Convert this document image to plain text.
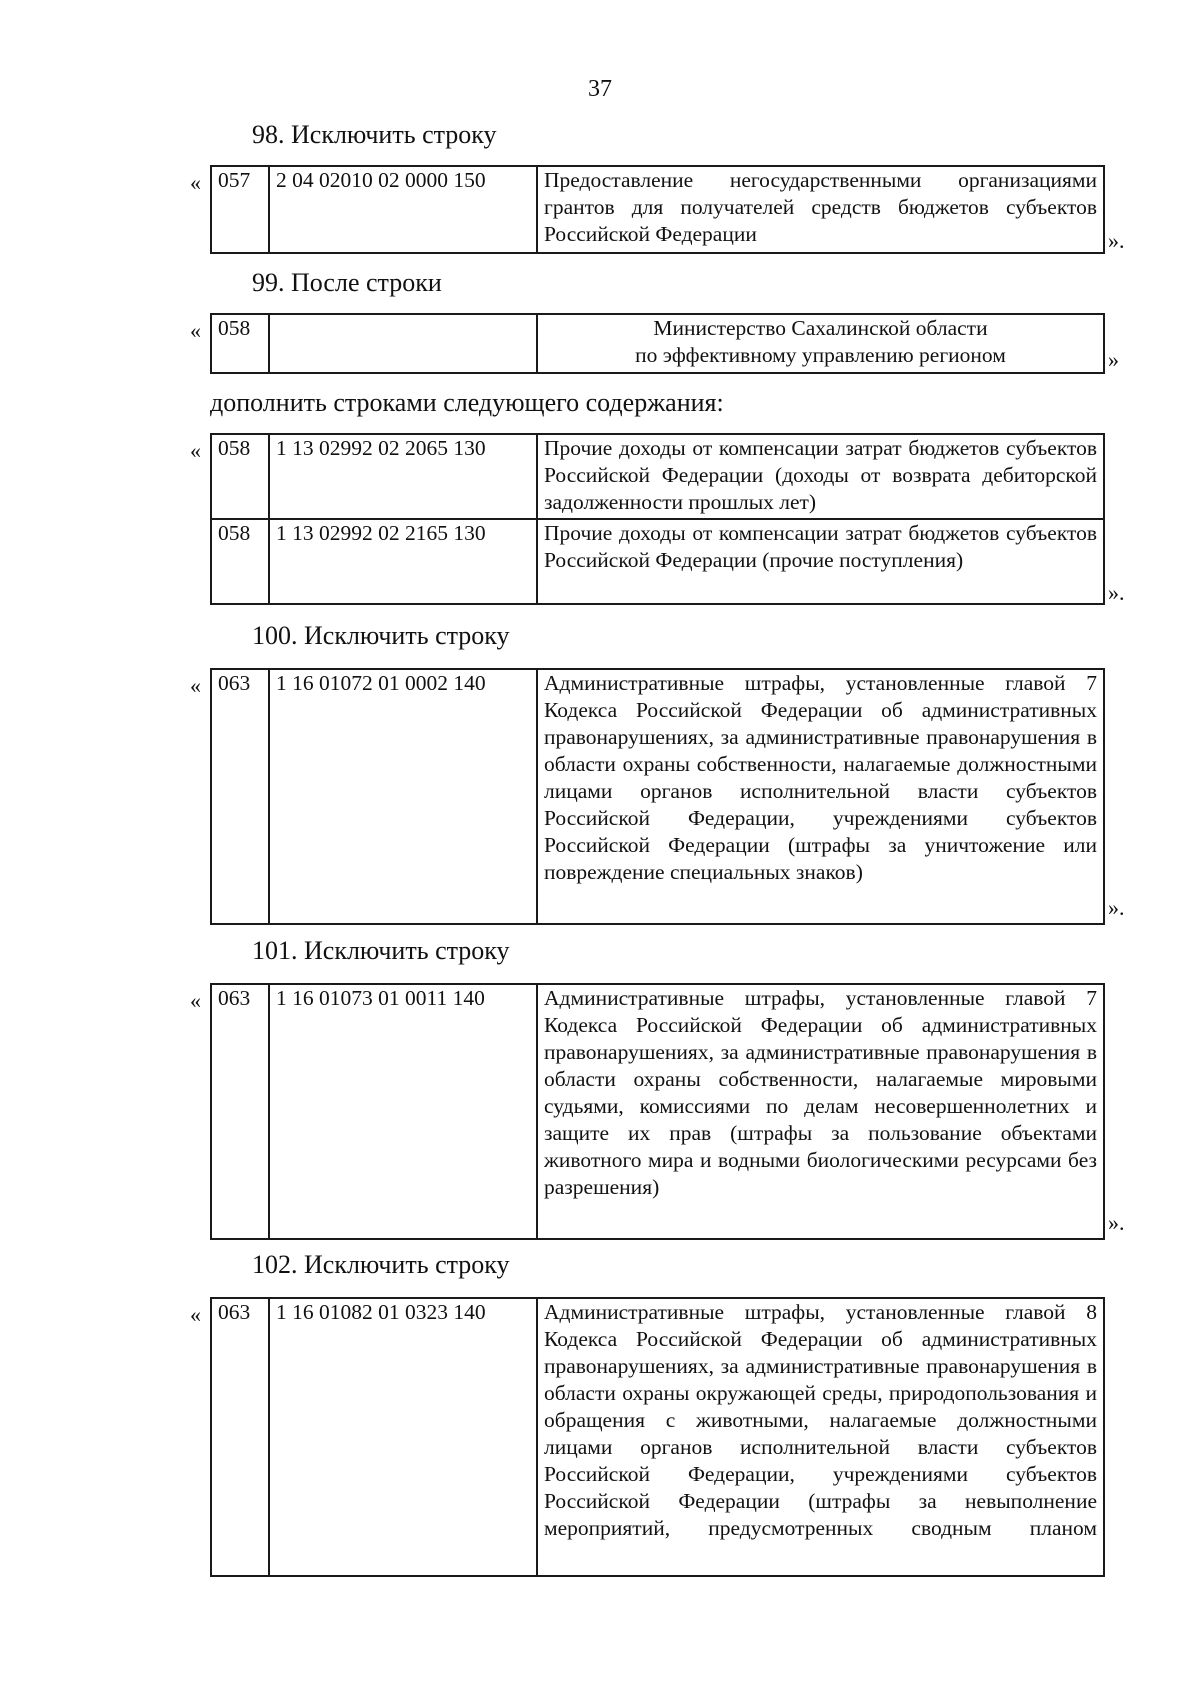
37
98. Исключить строку
« 057	2 04 02010 02 0000 150	Предоставление негосударственными организациями грантов для получателей средств бюджетов субъектов Российской Федерации	».
99. После строки
« 058		Министерство Сахалинской области
по эффективному управлению регионом	»
дополнить строками следующего содержания:
« 058	1 13 02992 02 2065 130	Прочие доходы от компенсации затрат бюджетов субъектов Российской Федерации (доходы от возврата дебиторской задолженности прошлых лет)
058	1 13 02992 02 2165 130	Прочие доходы от компенсации затрат бюджетов субъектов Российской Федерации (прочие поступления)
».
100. Исключить строку
« 063	1 16 01072 01 0002 140	Административные штрафы, установленные главой 7 Кодекса Российской Федерации об административных правонарушениях, за административные правонарушения в области охраны собственности, налагаемые должностными лицами органов исполнительной власти субъектов Российской Федерации, учреждениями субъектов Российской Федерации (штрафы за уничтожение или повреждение специальных знаков)
».
101. Исключить строку
« 063	1 16 01073 01 0011 140	Административные штрафы, установленные главой 7 Кодекса Российской Федерации об административных правонарушениях, за административные правонарушения в области охраны собственности, налагаемые мировыми судьями, комиссиями по делам несовершеннолетних и защите их прав (штрафы за пользование объектами животного мира и водными биологическими ресурсами без разрешения)
».
102. Исключить строку
« 063	1 16 01082 01 0323 140	Административные штрафы, установленные главой 8 Кодекса Российской Федерации об административных правонарушениях, за административные правонарушения в области охраны окружающей среды, природопользования и обращения с животными, налагаемые должностными лицами органов исполнительной власти субъектов Российской Федерации, учреждениями субъектов Российской Федерации (штрафы за невыполнение мероприятий, предусмотренных сводным планом
